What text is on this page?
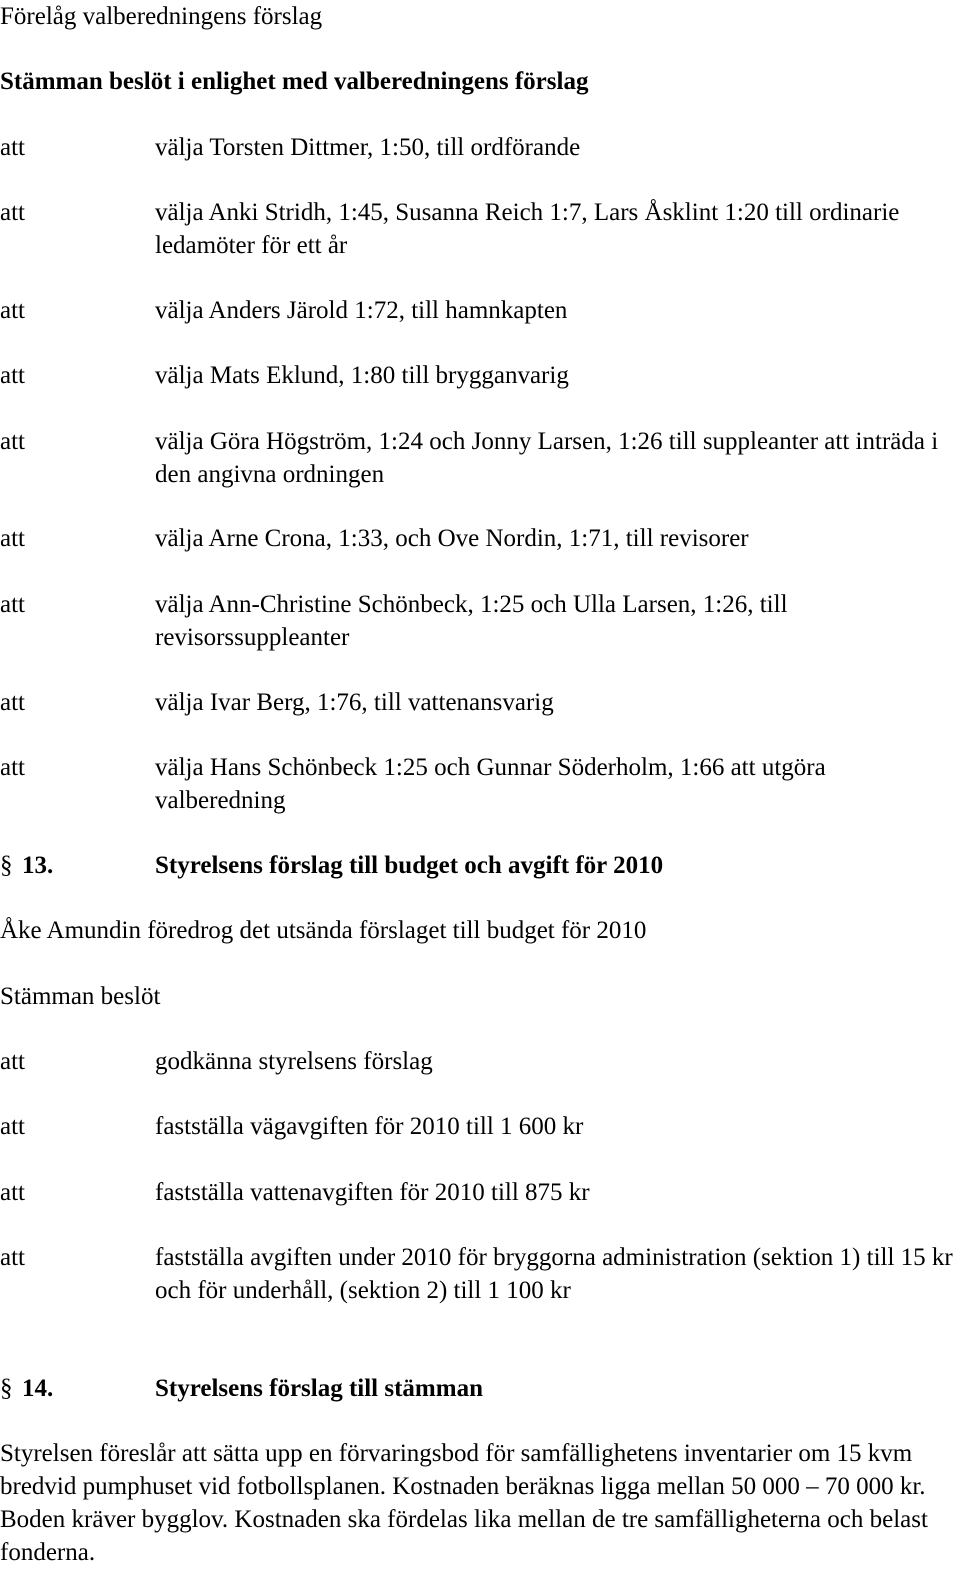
Förelåg valberedningens förslag
Stämman beslöt i enlighet med valberedningens förslag
att	välja Torsten Dittmer, 1:50, till ordförande
att	välja Anki Stridh, 1:45, Susanna Reich 1:7, Lars Åsklint 1:20 till ordinarie ledamöter för ett år
att	välja Anders Järold 1:72, till hamnkapten
att	välja Mats Eklund, 1:80 till brygganvarig
att	välja Göra Högström, 1:24 och Jonny Larsen, 1:26 till suppleanter att inträda i den angivna ordningen
att	välja Arne Crona, 1:33, och Ove Nordin, 1:71, till revisorer
att	välja Ann-Christine Schönbeck, 1:25 och Ulla Larsen, 1:26, till revisorssuppleanter
att	välja Ivar Berg, 1:76, till vattenansvarig
att	välja Hans Schönbeck 1:25 och Gunnar Söderholm, 1:66 att utgöra valberedning
§ 13.	Styrelsens förslag till budget och avgift för 2010
Åke Amundin föredrog det utsända förslaget till budget för 2010
Stämman beslöt
att	godkänna styrelsens förslag
att	fastställa vägavgiften för 2010 till 1 600 kr
att	fastställa vattenavgiften för 2010 till 875 kr
att	fastställa avgiften under 2010 för bryggorna administration (sektion 1) till 15 kr och för underhåll, (sektion 2) till 1 100 kr
§ 14.	Styrelsens förslag till stämman
Styrelsen föreslår att sätta upp en förvaringsbod för samfällighetens inventarier om 15 kvm bredvid pumphuset vid fotbollsplanen. Kostnaden beräknas ligga mellan 50 000 – 70 000 kr. Boden kräver bygglov. Kostnaden ska fördelas lika mellan de tre samfälligheterna och belast fonderna.
